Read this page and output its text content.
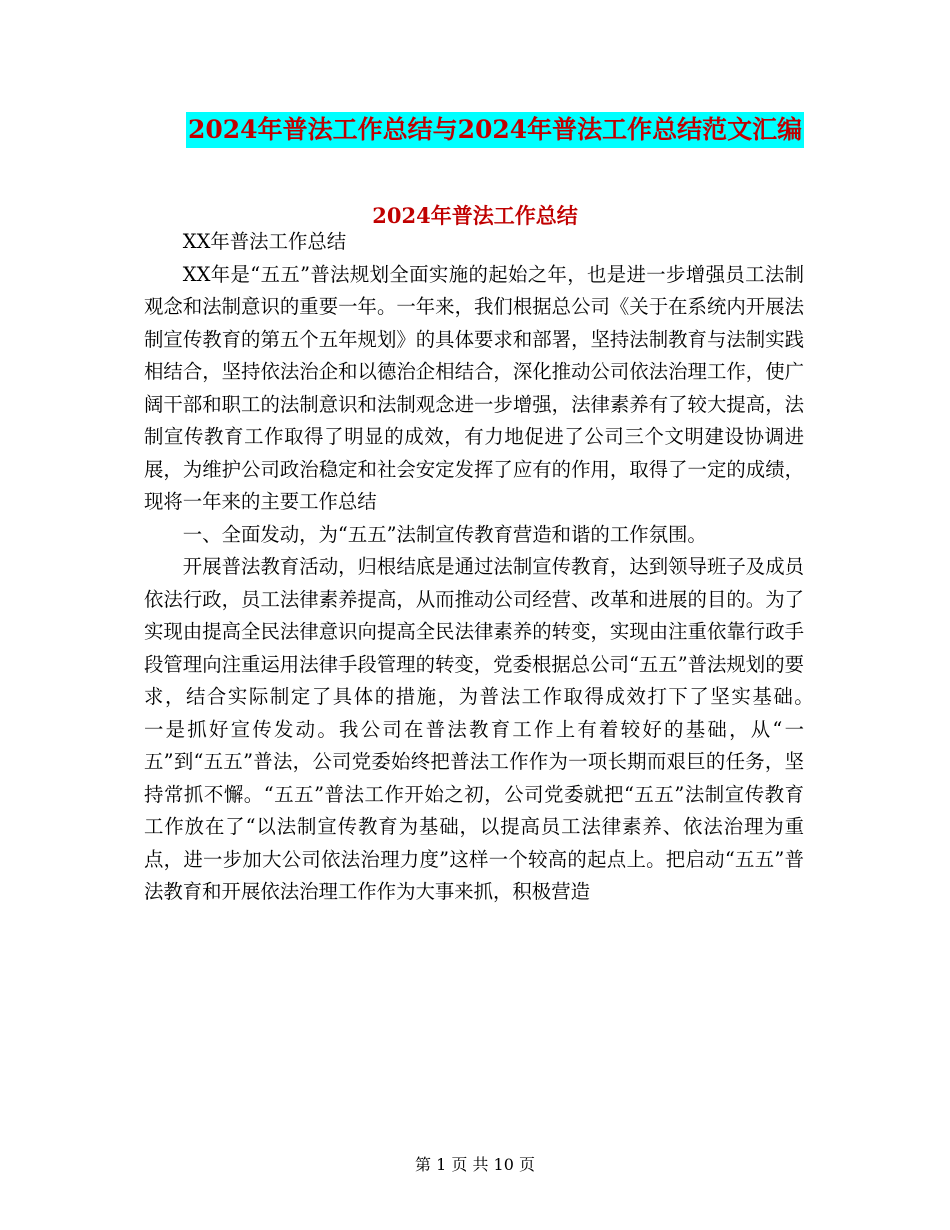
2024年普法工作总结与2024年普法工作总结范文汇编
2024年普法工作总结

XX年普法工作总结

XX年是“五五”普法规划全面实施的起始之年，也是进一步增强员工法制观念和法制意识的重要一年。一年来，我们根据总公司《关于在系统内开展法制宣传教育的第五个五年规划》的具体要求和部署，坚持法制教育与法制实践相结合，坚持依法治企和以德治企相结合，深化推动公司依法治理工作，使广阔干部和职工的法制意识和法制观念进一步增强，法律素养有了较大提高，法制宣传教育工作取得了明显的成效，有力地促进了公司三个文明建设协调进展，为维护公司政治稳定和社会安定发挥了应有的作用，取得了一定的成绩，现将一年来的主要工作总结

一、全面发动，为“五五”法制宣传教育营造和谐的工作氛围。

开展普法教育活动，归根结底是通过法制宣传教育，达到领导班子及成员依法行政，员工法律素养提高，从而推动公司经营、改革和进展的目的。为了实现由提高全民法律意识向提高全民法律素养的转变，实现由注重依靠行政手段管理向注重运用法律手段管理的转变，党委根据总公司“五五”普法规划的要求，结合实际制定了具体的措施，为普法工作取得成效打下了坚实基础。　　一是抓好宣传发动。我公司在普法教育工作上有着较好的基础，从“一五”到“五五”普法，公司党委始终把普法工作作为一项长期而艰巨的任务，坚持常抓不懈。“五五”普法工作开始之初，公司党委就把“五五”法制宣传教育工作放在了“以法制宣传教育为基础，以提高员工法律素养、依法治理为重点，进一步加大公司依法治理力度”这样一个较高的起点上。把启动“五五”普法教育和开展依法治理工作作为大事来抓，积极营造

第 1 页 共 10 页
